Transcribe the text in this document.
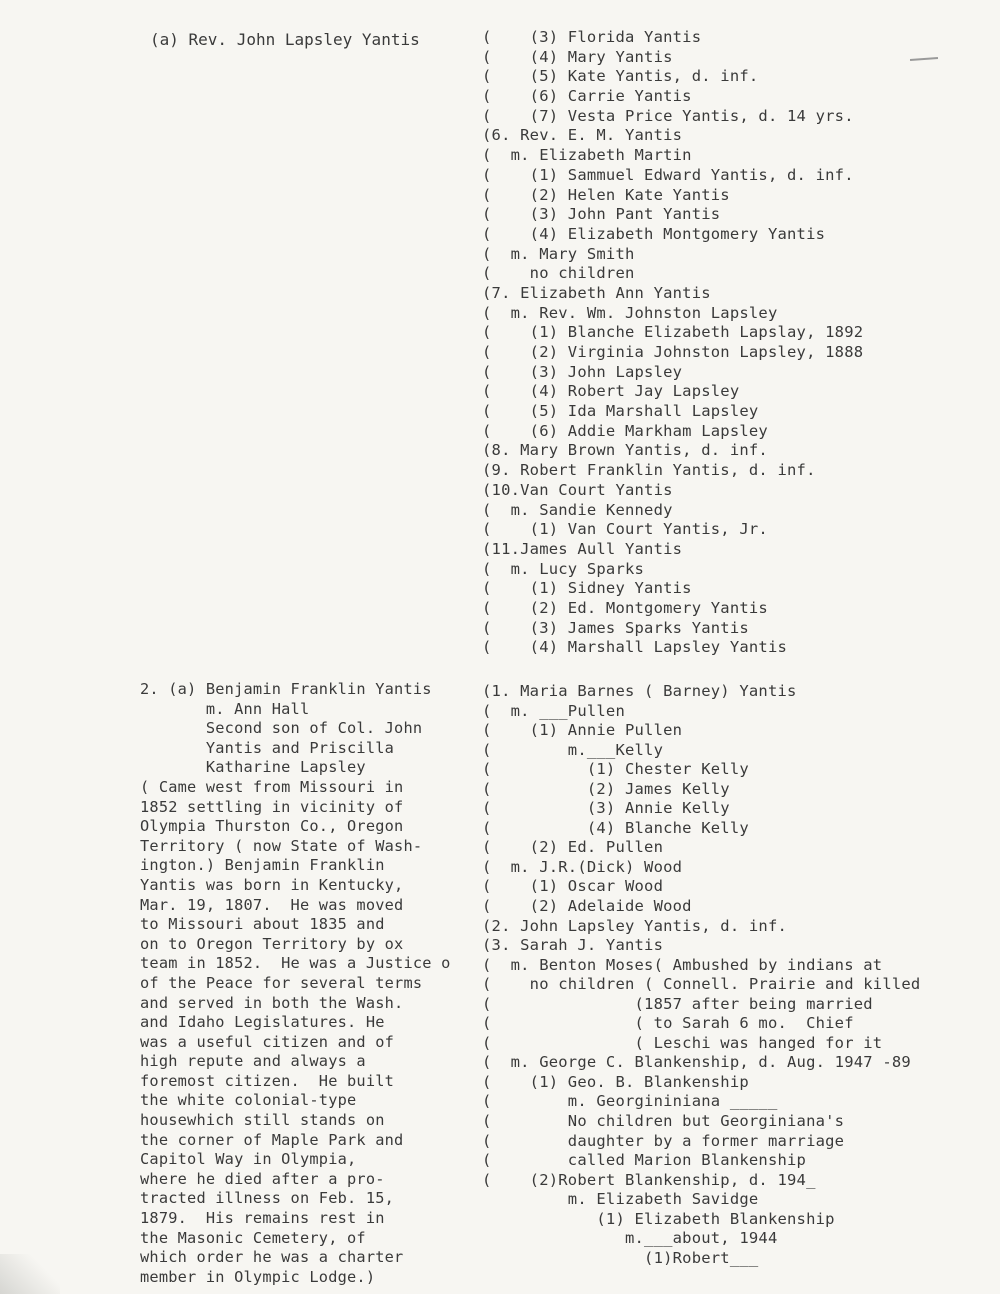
(a) Rev. John Lapsley Yantis	(    (3) Florida Yantis
(    (4) Mary Yantis
(    (5) Kate Yantis, d. inf.
(    (6) Carrie Yantis
(    (7) Vesta Price Yantis, d. 14 yrs.
(6. Rev. E. M. Yantis
(  m. Elizabeth Martin
(    (1) Sammuel Edward Yantis, d. inf.
(    (2) Helen Kate Yantis
(    (3) John Pant Yantis
(    (4) Elizabeth Montgomery Yantis
(  m. Mary Smith
(    no children
(7. Elizabeth Ann Yantis
(  m. Rev. Wm. Johnston Lapsley
(    (1) Blanche Elizabeth Lapslay, 1892
(    (2) Virginia Johnston Lapsley, 1888
(    (3) John Lapsley
(    (4) Robert Jay Lapsley
(    (5) Ida Marshall Lapsley
(    (6) Addie Markham Lapsley
(8. Mary Brown Yantis, d. inf.
(9. Robert Franklin Yantis, d. inf.
(10.Van Court Yantis
(  m. Sandie Kennedy
(    (1) Van Court Yantis, Jr.
(11.James Aull Yantis
(  m. Lucy Sparks
(    (1) Sidney Yantis
(    (2) Ed. Montgomery Yantis
(    (3) James Sparks Yantis
(    (4) Marshall Lapsley Yantis
2. (a) Benjamin Franklin Yantis
m. Ann Hall
Second son of Col. John
Yantis and Priscilla
Katharine Lapsley
( Came west from Missouri in
1852 settling in vicinity of
Olympia Thurston Co., Oregon
Territory ( now State of Wash-
ington.) Benjamin Franklin
Yantis was born in Kentucky,
Mar. 19, 1807.  He was moved
to Missouri about 1835 and
on to Oregon Territory by ox
team in 1852.  He was a Justice o
of the Peace for several terms
and served in both the Wash.
and Idaho Legislatures. He
was a useful citizen and of
high repute and always a
foremost citizen.  He built
the white colonial-type
housewhich still stands on
the corner of Maple Park and
Capitol Way in Olympia,
where he died after a pro-
tracted illness on Feb. 15,
1879.  His remains rest in
the Masonic Cemetery, of
which order he was a charter
member in Olympic Lodge.)
(1. Maria Barnes ( Barney) Yantis
(  m. ___Pullen
(    (1) Annie Pullen
(        m.___Kelly
(          (1) Chester Kelly
(          (2) James Kelly
(          (3) Annie Kelly
(          (4) Blanche Kelly
(    (2) Ed. Pullen
(  m. J.R.(Dick) Wood
(    (1) Oscar Wood
(    (2) Adelaide Wood
(2. John Lapsley Yantis, d. inf.
(3. Sarah J. Yantis
(  m. Benton Moses( Ambushed by indians at
(    no children ( Connell. Prairie and killed
(               (1857 after being married
(               ( to Sarah 6 mo.  Chief
(               ( Leschi was hanged for it
(  m. George C. Blankenship, d. Aug. 1947 -89
(    (1) Geo. B. Blankenship
(        m. Georgininiana _____
(        No children but Georginiana's
(        daughter by a former marriage
(        called Marion Blankenship
(    (2)Robert Blankenship, d. 194_
m. Elizabeth Savidge
(1) Elizabeth Blankenship
m.___about, 1944
(1)Robert___
